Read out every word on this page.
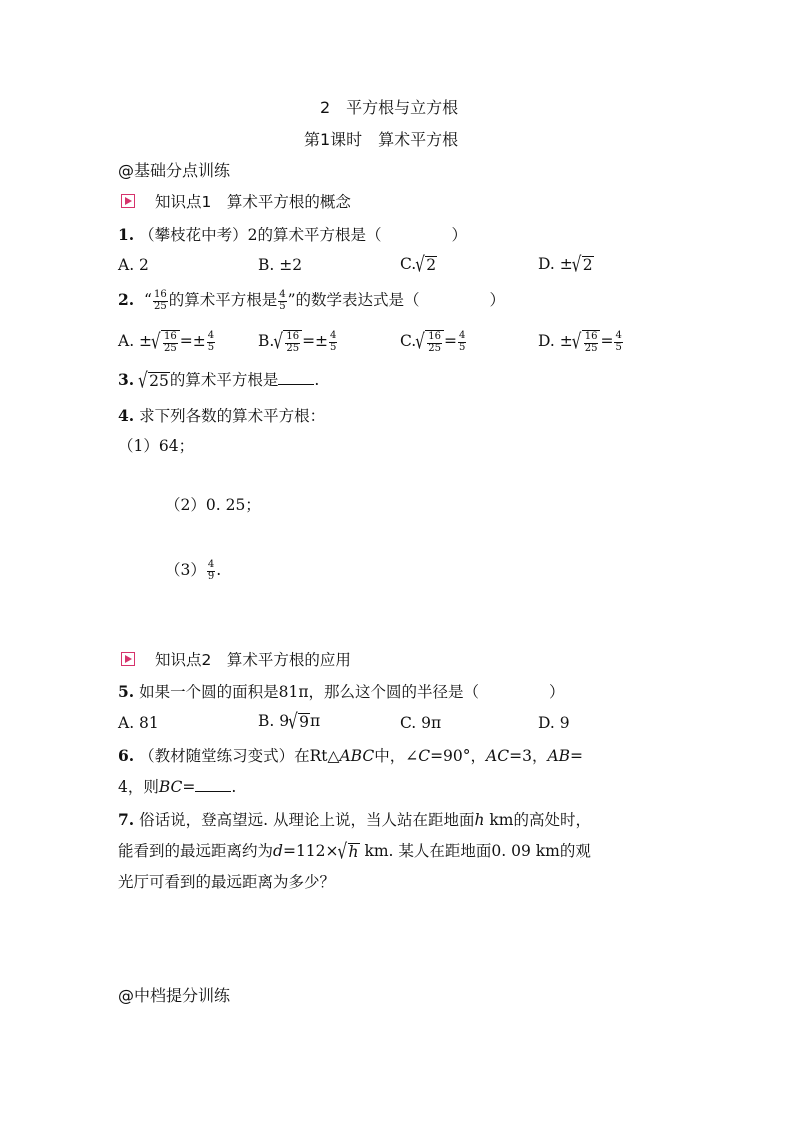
2　平方根与立方根
第1课时　算术平方根
@基础分点训练
知识点1　算术平方根的概念
1. （攀枝花中考）2的算术平方根是（	）
A. 2	B. ±2	C. √ 2	D. ± √ 2
2. “ $\frac{16}{25}$ 的算术平方根是 $\frac{4}{5}$ ”的数学表达式是（	）
A. ± √ $\frac{16}{25} =\pm \frac{4}{5}$	B. √ $\frac{16}{25} =\pm \frac{4}{5}$	C. √ $\frac{16}{25} = \frac{4}{5}$	D. ± √ $\frac{16}{25} = \frac{4}{5}$
3. √ 25的算术平方根是 .
4. 求下列各数的算术平方根：
（1）64；
（2）0. 25；
$(3) \frac{4}{9}$ .
知识点2　算术平方根的应用
5. 如果一个圆的面积是81π，那么这个圆的半径是（	）
A. 81	B. 9 √ 9π	C. 9π	D. 9
6. （教材随堂练习变式）在Rt△ABC中，∠C=90°，AC=3，AB=
4，则BC= .
7. 俗话说，登高望远. 从理论上说，当人站在距地面h km的高处时，
能看到的最远距离约为d=112× √ h km. 某人在距地面0. 09 km的观
光厅可看到的最远距离为多少？
@中档提分训练
